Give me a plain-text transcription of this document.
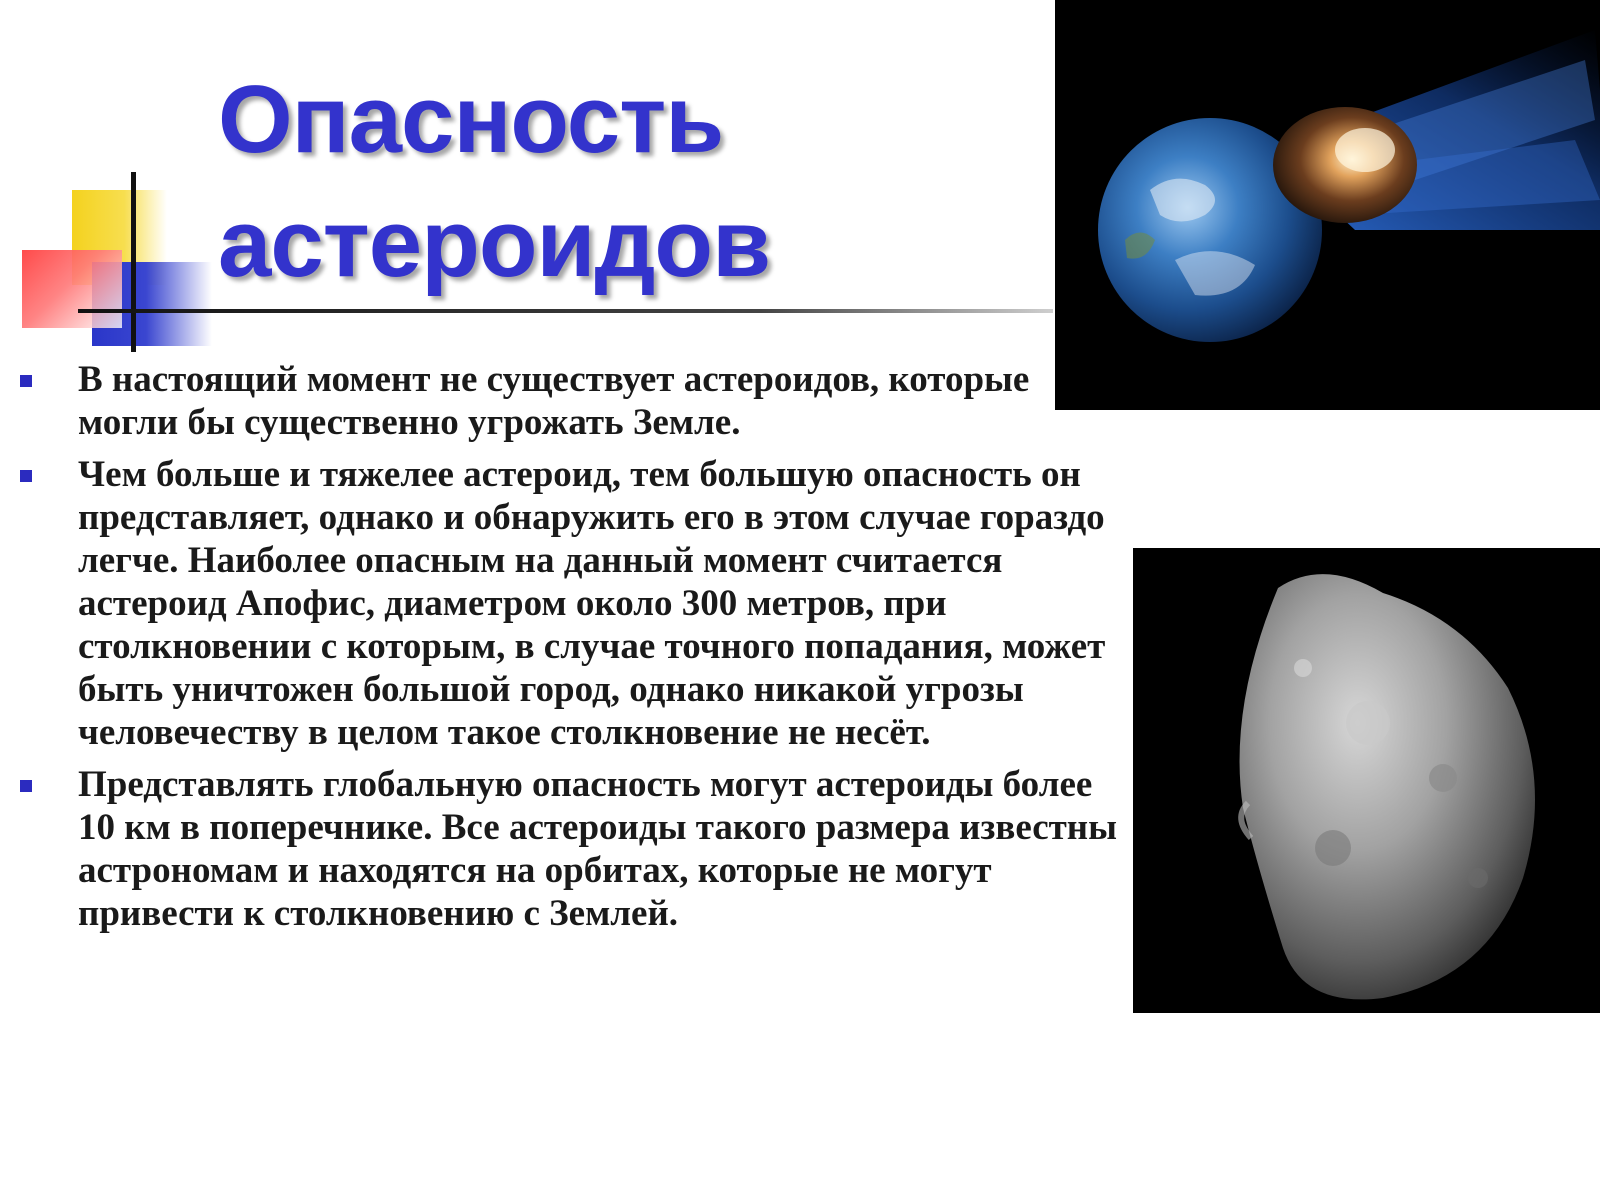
Опасность
астероидов
В настоящий момент не существует астероидов, которые могли бы существенно угрожать Земле.
Чем больше и тяжелее астероид, тем большую опасность он представляет, однако и обнаружить его в этом случае гораздо легче. Наиболее опасным на данный момент считается астероид Апофис, диаметром около 300 метров, при столкновении с которым, в случае точного попадания, может быть уничтожен большой город, однако никакой угрозы человечеству в целом такое столкновение не несёт.
Представлять глобальную опасность могут астероиды более 10 км в поперечнике. Все астероиды такого размера известны астрономам и находятся на орбитах, которые не могут привести к столкновению с Землей.
